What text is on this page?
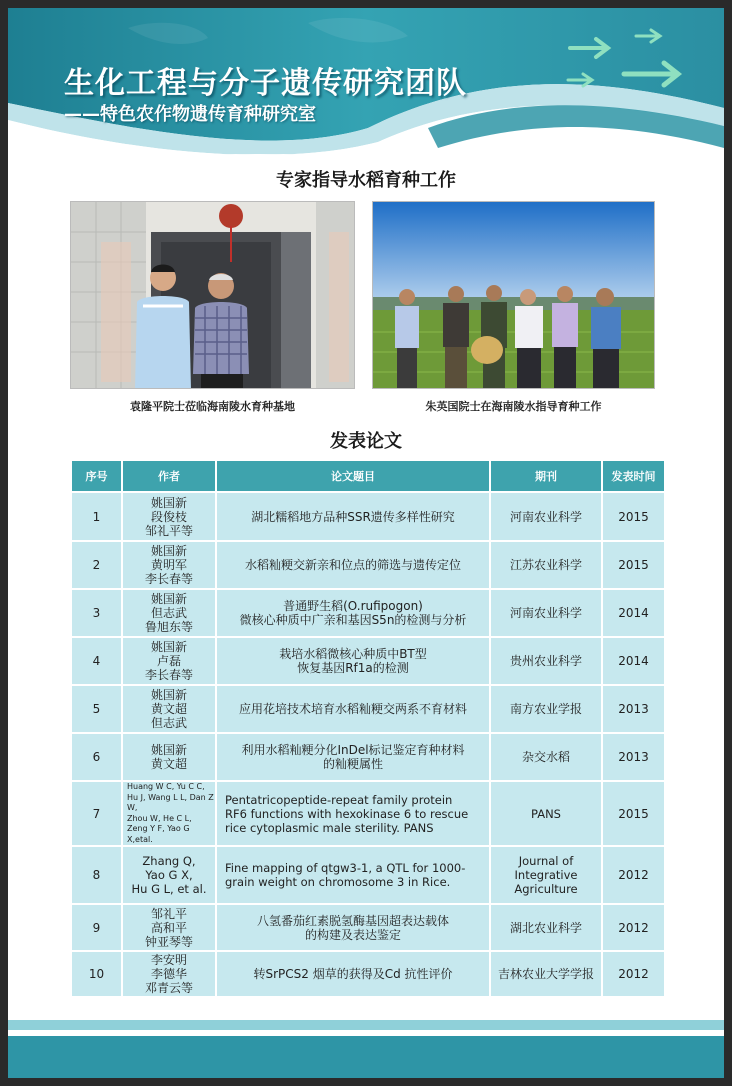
生化工程与分子遗传研究团队
——特色农作物遗传育种研究室
专家指导水稻育种工作
袁隆平院士莅临海南陵水育种基地	朱英国院士在海南陵水指导育种工作
发表论文
序号	作者	论文题目	期刊	发表时间
1	姚国新
段俊枝
邹礼平等	湖北糯稻地方品种SSR遗传多样性研究	河南农业科学	2015
2	姚国新
黄明军
李长春等	水稻籼粳交新亲和位点的筛选与遗传定位	江苏农业科学	2015
3	姚国新
但志武
鲁旭东等	普通野生稻(O.rufipogon)
微核心种质中广亲和基因S5n的检测与分析	河南农业科学	2014
4	姚国新
卢磊
李长春等	栽培水稻微核心种质中BT型
恢复基因Rf1a的检测	贵州农业科学	2014
5	姚国新
黄文超
但志武	应用花培技术培育水稻籼粳交两系不育材料	南方农业学报	2013
6	姚国新
黄文超	利用水稻籼粳分化InDel标记鉴定育种材料
的籼粳属性	杂交水稻	2013
7	Huang W C, Yu C C,
Hu J, Wang L L, Dan Z W,
Zhou W, He C L,
Zeng Y F, Yao G X,etal.	Pentatricopeptide-repeat family protein
RF6 functions with hexokinase 6 to rescue
rice cytoplasmic male sterility. PANS	PANS	2015
8	Zhang Q,
Yao G X,
Hu G L, et al.	Fine mapping of qtgw3-1, a QTL for 1000-
grain weight on chromosome 3 in Rice.	Journal of
Integrative
Agriculture	2012
9	邹礼平
高和平
钟亚琴等	八氢番茄红素脱氢酶基因超表达载体
的构建及表达鉴定	湖北农业科学	2012
10	李安明
李德华
邓青云等	转SrPCS2 烟草的获得及Cd 抗性评价	吉林农业大学学报	2012
